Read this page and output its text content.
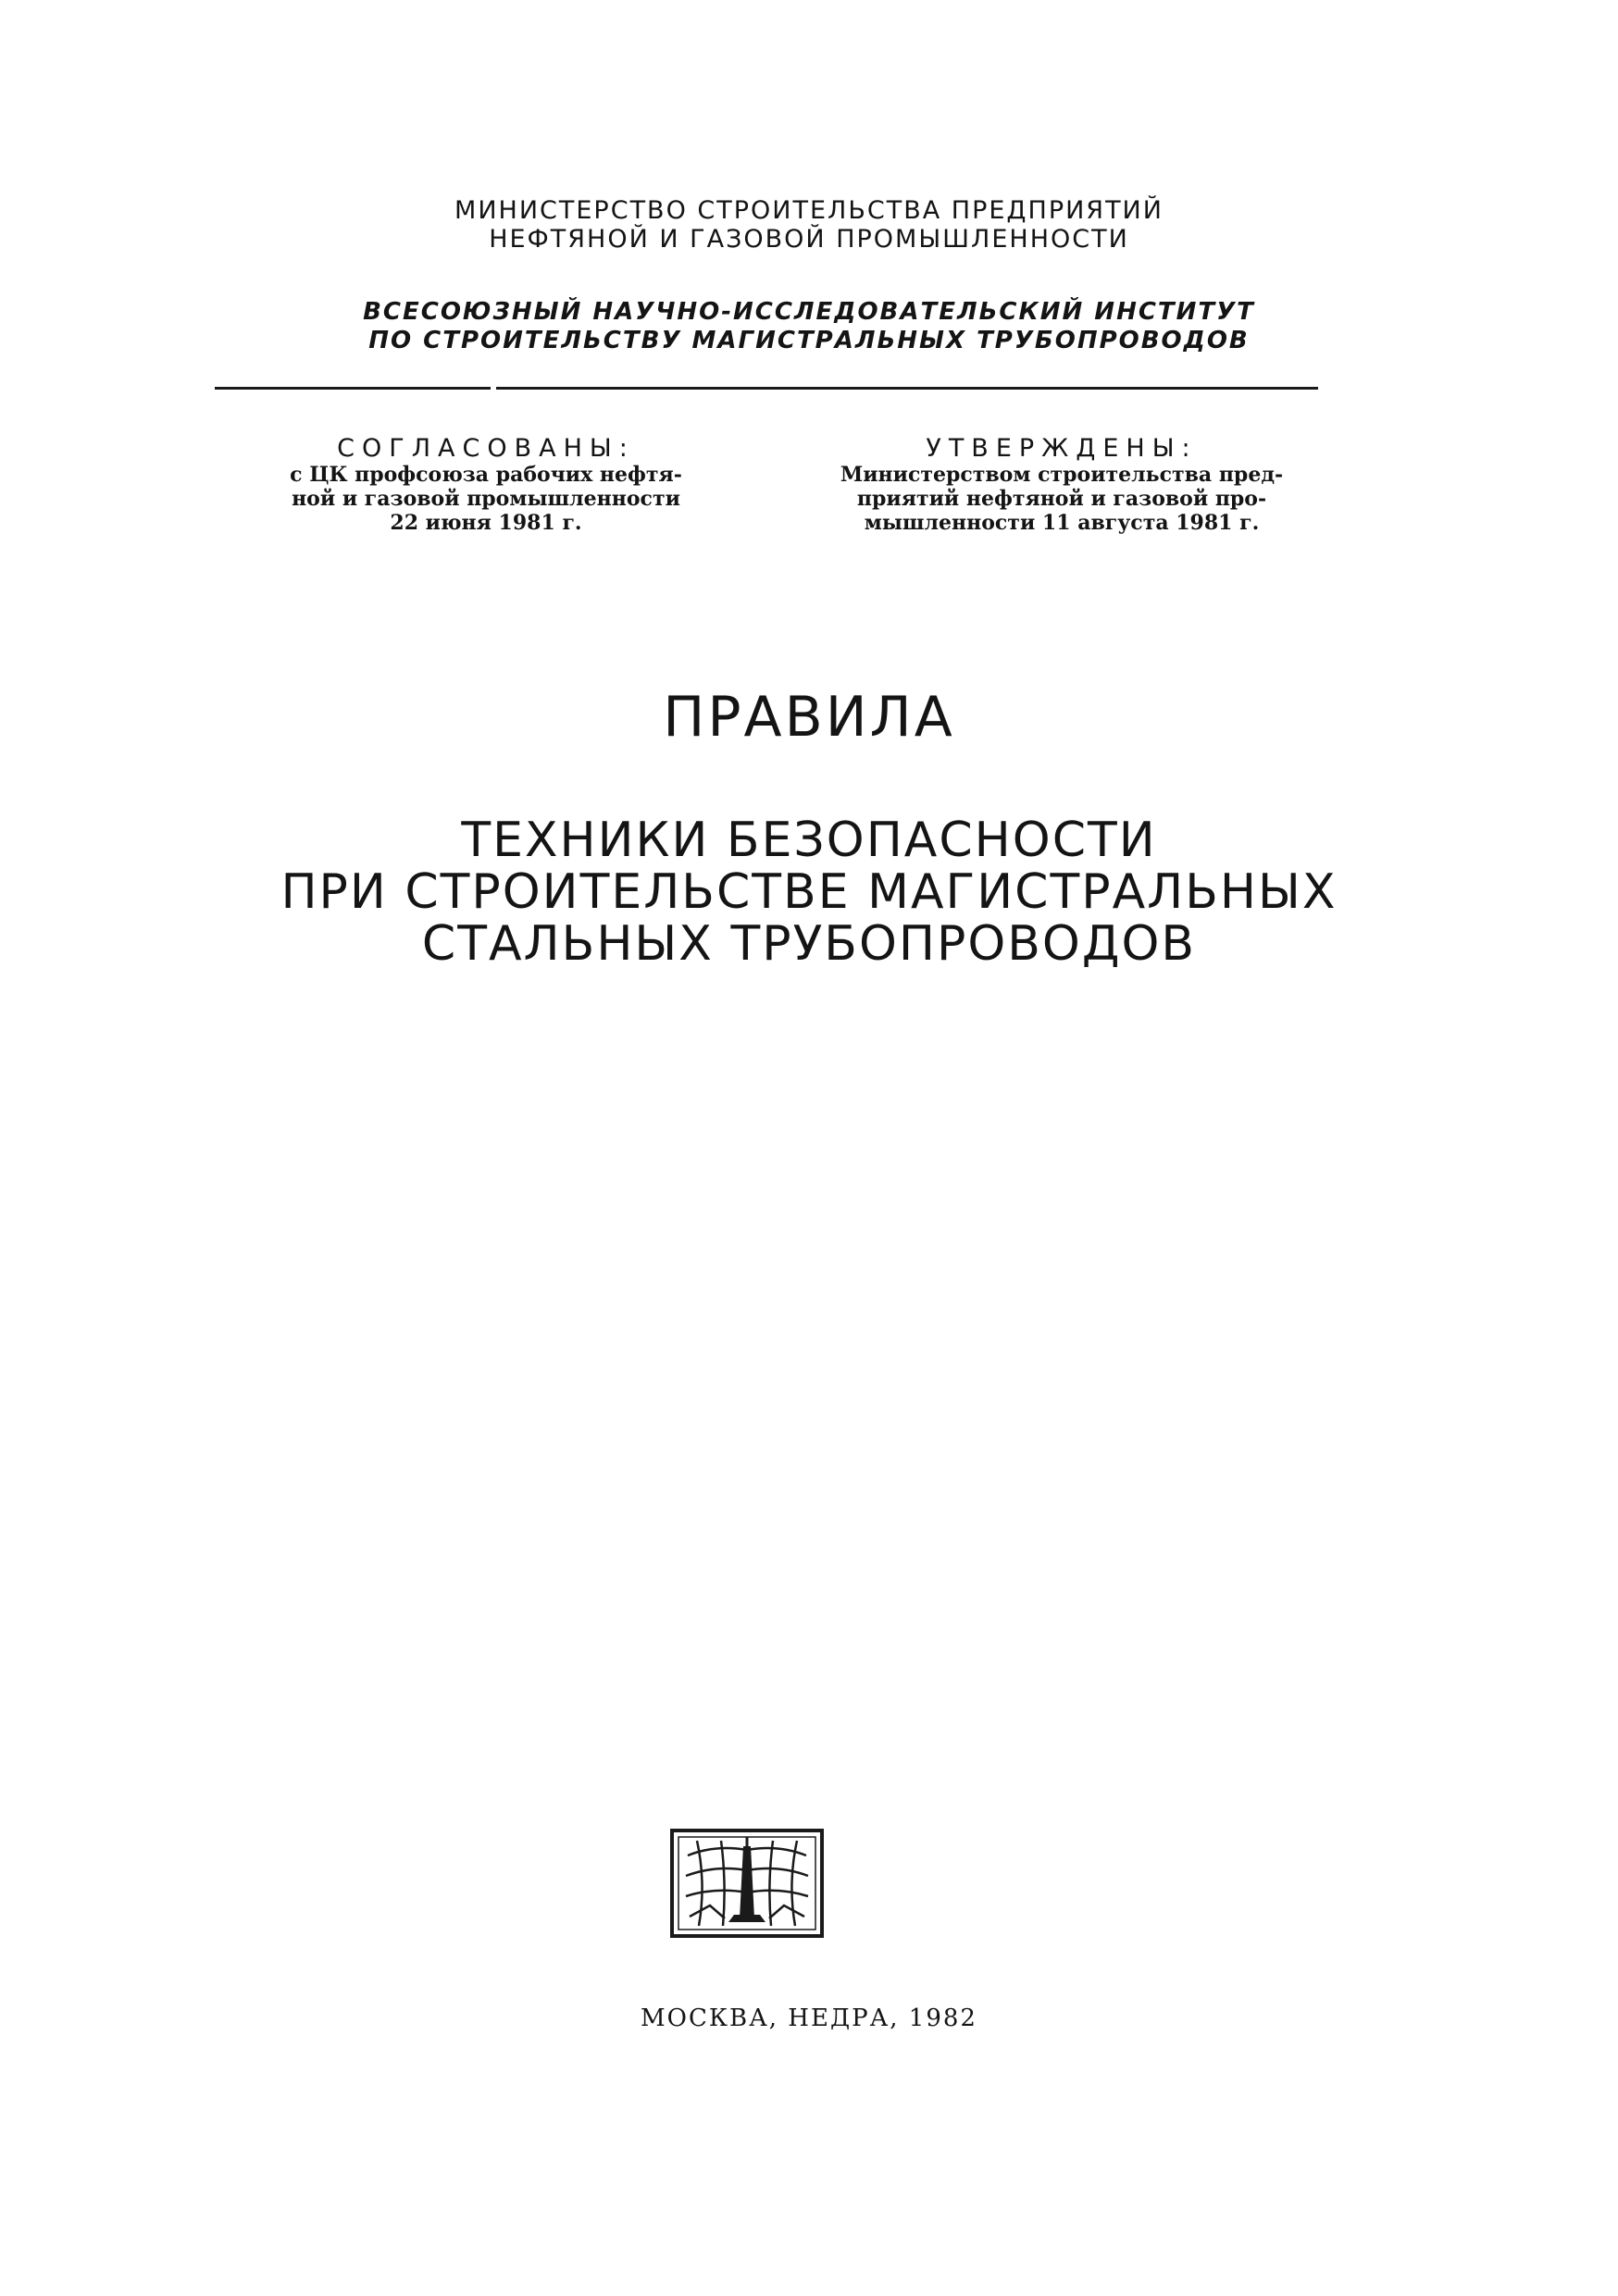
МИНИСТЕРСТВО СТРОИТЕЛЬСТВА ПРЕДПРИЯТИЙ
НЕФТЯНОЙ И ГАЗОВОЙ ПРОМЫШЛЕННОСТИ
ВСЕСОЮЗНЫЙ НАУЧНО-ИССЛЕДОВАТЕЛЬСКИЙ ИНСТИТУТ
ПО СТРОИТЕЛЬСТВУ МАГИСТРАЛЬНЫХ ТРУБОПРОВОДОВ
СОГЛАСОВАНЫ:
с ЦК профсоюза рабочих нефтя-
ной и газовой промышленности
22 июня 1981 г.
УТВЕРЖДЕНЫ:
Министерством строительства пред-
приятий нефтяной и газовой про-
мышленности 11 августа 1981 г.
ПРАВИЛА
ТЕХНИКИ БЕЗОПАСНОСТИ
ПРИ СТРОИТЕЛЬСТВЕ МАГИСТРАЛЬНЫХ
СТАЛЬНЫХ ТРУБОПРОВОДОВ
МОСКВА, НЕДРА, 1982
